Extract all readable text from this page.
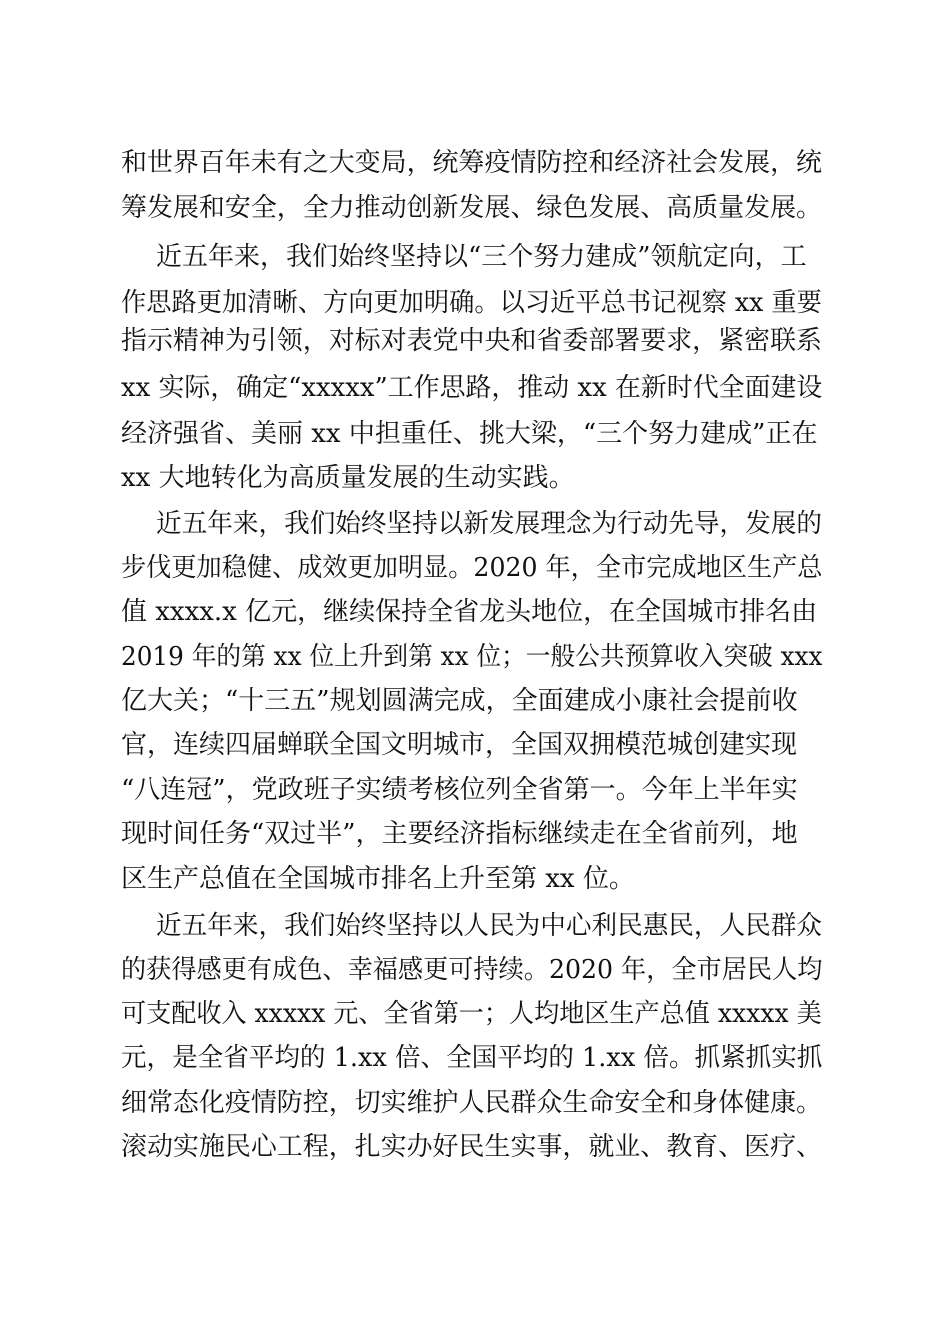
和世界百年未有之大变局，统筹疫情防控和经济社会发展，统
筹发展和安全，全力推动创新发展、绿色发展、高质量发展。
近五年来，我们始终坚持以“三个努力建成”领航定向，工
作思路更加清晰、方向更加明确。以习近平总书记视察 xx 重要
指示精神为引领，对标对表党中央和省委部署要求，紧密联系
xx 实际，确定“xxxxx”工作思路，推动 xx 在新时代全面建设
经济强省、美丽 xx 中担重任、挑大梁，“三个努力建成”正在
xx 大地转化为高质量发展的生动实践。
近五年来，我们始终坚持以新发展理念为行动先导，发展的
步伐更加稳健、成效更加明显。2020 年，全市完成地区生产总
值 xxxx.x 亿元，继续保持全省龙头地位，在全国城市排名由
2019 年的第 xx 位上升到第 xx 位；一般公共预算收入突破 xxx
亿大关；“十三五”规划圆满完成，全面建成小康社会提前收
官，连续四届蝉联全国文明城市，全国双拥模范城创建实现
“八连冠”，党政班子实绩考核位列全省第一。今年上半年实
现时间任务“双过半”，主要经济指标继续走在全省前列，地
区生产总值在全国城市排名上升至第 xx 位。
近五年来，我们始终坚持以人民为中心利民惠民，人民群众
的获得感更有成色、幸福感更可持续。2020 年，全市居民人均
可支配收入 xxxxx 元、全省第一；人均地区生产总值 xxxxx 美
元，是全省平均的 1.xx 倍、全国平均的 1.xx 倍。抓紧抓实抓
细常态化疫情防控，切实维护人民群众生命安全和身体健康。
滚动实施民心工程，扎实办好民生实事，就业、教育、医疗、
